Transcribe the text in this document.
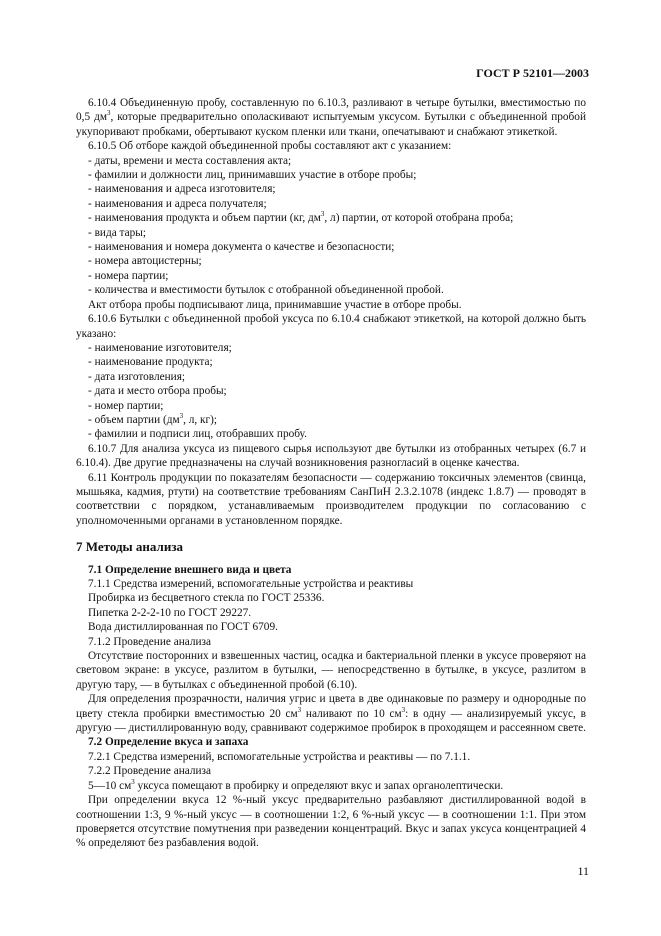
ГОСТ Р 52101—2003

6.10.4 Объединенную пробу, составленную по 6.10.3, разливают в четыре бутылки, вместимостью по 0,5 $дм^3$, которые предварительно ополаскивают испытуемым уксусом. Бутылки с объединенной пробой укупоривают пробками, обертывают куском пленки или ткани, опечатывают и снабжают этикеткой.

6.10.5 Об отборе каждой объединенной пробы составляют акт с указанием:

- даты, времени и места составления акта;

- фамилии и должности лиц, принимавших участие в отборе пробы;

- наименования и адреса изготовителя;

- наименования и адреса получателя;

- наименования продукта и объем партии (кг, $дм^3$, л) партии, от которой отобрана проба;

- вида тары;

- наименования и номера документа о качестве и безопасности;

- номера автоцистерны;

- номера партии;

- количества и вместимости бутылок с отобранной объединенной пробой.

Акт отбора пробы подписывают лица, принимавшие участие в отборе пробы.

6.10.6 Бутылки с объединенной пробой уксуса по 6.10.4 снабжают этикеткой, на которой должно быть указано:

- наименование изготовителя;

- наименование продукта;

- дата изготовления;

- дата и место отбора пробы;

- номер партии;

- объем партии ($дм^3$, л, кг);

- фамилии и подписи лиц, отобравших пробу.

6.10.7 Для анализа уксуса из пищевого сырья используют две бутылки из отобранных четырех (6.7 и 6.10.4). Две другие предназначены на случай возникновения разногласий в оценке качества.

6.11 Контроль продукции по показателям безопасности — содержанию токсичных элементов (свинца, мышьяка, кадмия, ртути) на соответствие требованиям СанПиН 2.3.2.1078 (индекс 1.8.7) — проводят в соответствии с порядком, устанавливаемым производителем продукции по согласованию с уполномоченными органами в установленном порядке.

7 Методы анализа

7.1 Определение внешнего вида и цвета

7.1.1 Средства измерений, вспомогательные устройства и реактивы

Пробирка из бесцветного стекла по ГОСТ 25336.

Пипетка 2-2-2-10 по ГОСТ 29227.

Вода дистиллированная по ГОСТ 6709.

7.1.2 Проведение анализа

Отсутствие посторонних и взвешенных частиц, осадка и бактериальной пленки в уксусе проверяют на световом экране: в уксусе, разлитом в бутылки, — непосредственно в бутылке, в уксусе, разлитом в другую тару, — в бутылках с объединенной пробой (6.10).

Для определения прозрачности, наличия угрис и цвета в две одинаковые по размеру и однородные по цвету стекла пробирки вместимостью 20 $см^3$ наливают по 10 $см^3$: в одну — анализируемый уксус, в другую — дистиллированную воду, сравнивают содержимое пробирок в проходящем и рассеянном свете.

7.2 Определение вкуса и запаха

7.2.1 Средства измерений, вспомогательные устройства и реактивы — по 7.1.1.

7.2.2 Проведение анализа

5—10 $см^3$ уксуса помещают в пробирку и определяют вкус и запах органолептически.

При определении вкуса 12 %-ный уксус предварительно разбавляют дистиллированной водой в соотношении 1:3, 9 %-ный уксус — в соотношении 1:2, 6 %-ный уксус — в соотношении 1:1. При этом проверяется отсутствие помутнения при разведении концентраций. Вкус и запах уксуса концентрацией 4 % определяют без разбавления водой.

11
